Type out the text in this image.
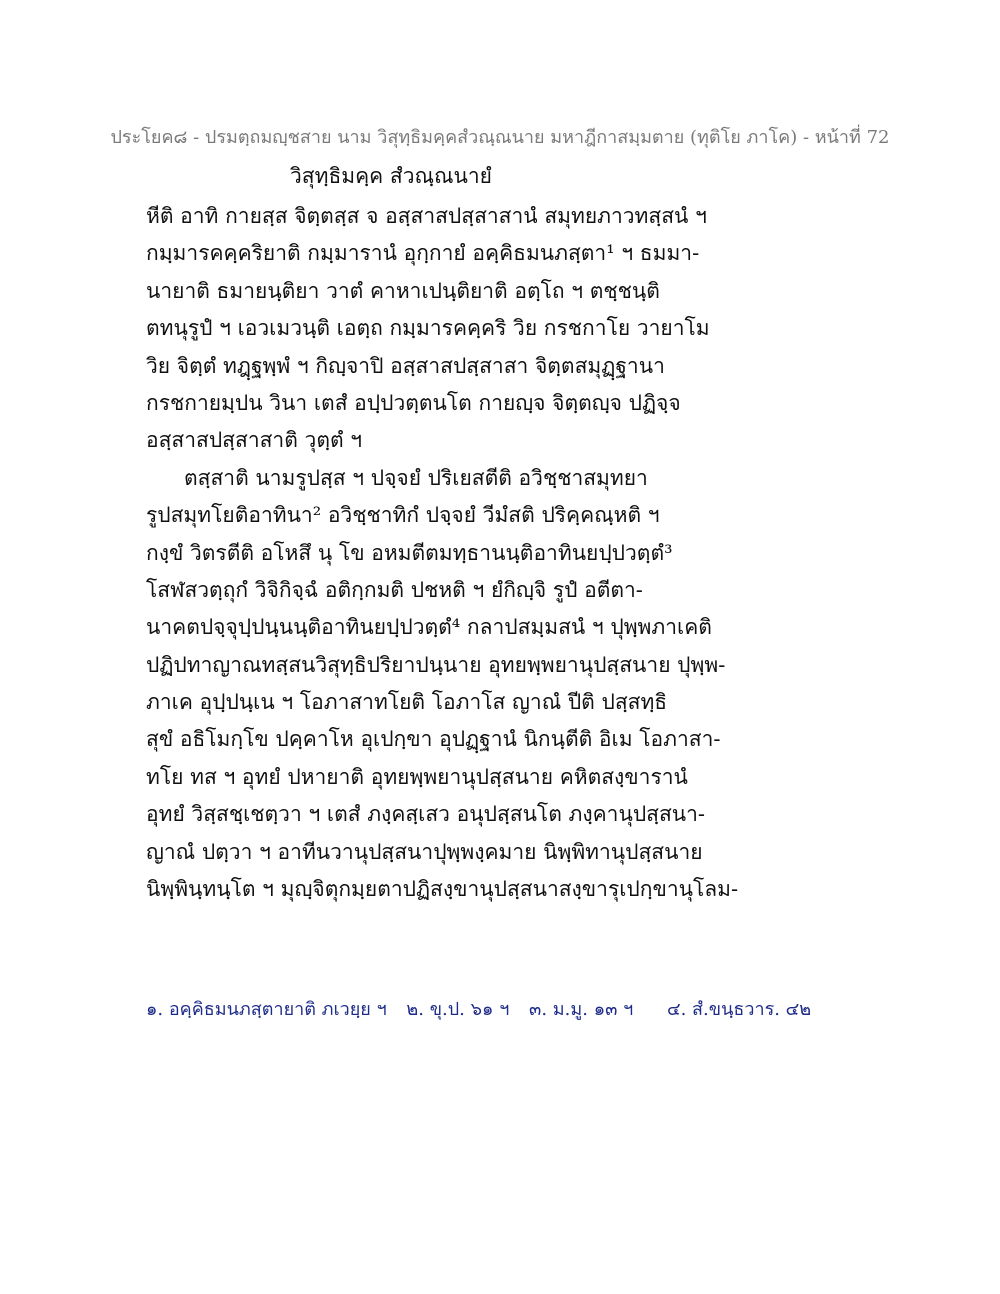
ประโยค๘ - ปรมตฺถมญฺชสาย นาม วิสุทฺธิมคฺคสํวณฺณนาย มหาฎีกาสมฺมตาย (ทุติโย ภาโค) - หน้าที่ 72
วิสุทฺธิมคฺค สํวณฺณนายํ
หีติ อาทิ กายสฺส จิตฺตสฺส จ อสฺสาสปสฺสาสานํ สมุทยภาวทสฺสนํ ฯ
กมฺมารคคฺคริยาติ กมฺมารานํ อุกฺกายํ อคฺคิธมนภสฺตา¹ ฯ ธมมา-
นายาติ ธมายนฺติยา วาตํ คาหาเปนฺติยาติ อตฺโถ ฯ ตชฺชนฺติ
ตทนุรูปํ ฯ เอวเมวนฺติ เอตฺถ กมฺมารคคฺคริ วิย กรชกาโย วายาโม
วิย จิตฺตํ ทฎฺฐพฺพํ ฯ กิญฺจาปิ อสฺสาสปสฺสาสา จิตฺตสมุฏฺฐานา
กรชกายมฺปน วินา เตสํ อปฺปวตฺตนโต กายญฺจ จิตฺตญฺจ ปฏิจฺจ
อสฺสาสปสฺสาสาติ วุตฺตํ ฯ
ตสฺสาติ นามรูปสฺส ฯ ปจฺจยํ ปริเยสตีติ อวิชฺชาสมุทยา
รูปสมุทโยติอาทินา² อวิชฺชาทิกํ ปจฺจยํ วีมํสติ ปริคฺคณฺหติ ฯ
กงฺขํ วิตรตีติ อโหสึ นุ โข อหมตีตมทฺธานนฺติอาทินยปฺปวตฺตํ³
โสฬสวตฺถุกํ วิจิกิจฺฉํ อติกฺกมติ ปชหติ ฯ ยํกิญฺจิ รูปํ อตีตา-
นาคตปจฺจุปฺปนฺนนฺติอาทินยปฺปวตฺตํ⁴ กลาปสมฺมสนํ ฯ ปุพฺพภาเคติ
ปฏิปทาญาณทสฺสนวิสุทฺธิปริยาปนฺนาย อุทยพฺพยานุปสฺสนาย ปุพฺพ-
ภาเค อุปฺปนฺเน ฯ โอภาสาทโยติ โอภาโส ญาณํ ปีติ ปสฺสทฺธิ
สุขํ อธิโมกฺโข ปคฺคาโห อุเปกฺขา อุปฏฺฐานํ นิกนฺตีติ อิเม โอภาสา-
ทโย ทส ฯ อุทยํ ปหายาติ อุทยพฺพยานุปสฺสนาย คหิตสงฺขารานํ
อุทยํ วิสฺสชฺเชตฺวา ฯ เตสํ ภงฺคสฺเสว อนุปสฺสนโต ภงฺคานุปสฺสนา-
ญาณํ ปตฺวา ฯ อาทีนวานุปสฺสนาปุพฺพงฺคมาย นิพฺพิทานุปสฺสนาย
นิพฺพินฺทนฺโต ฯ มุญฺจิตุกมฺยตาปฏิสงฺขานุปสฺสนาสงฺขารุเปกฺขานุโลม-
๑. อคฺคิธมนภสฺตายาติ ภเวยฺย ฯ ๒. ขุ.ป. ๖๑ ฯ ๓. ม.มู. ๑๓ ฯ ๔. สํ.ขนฺธวาร. ๔๒
